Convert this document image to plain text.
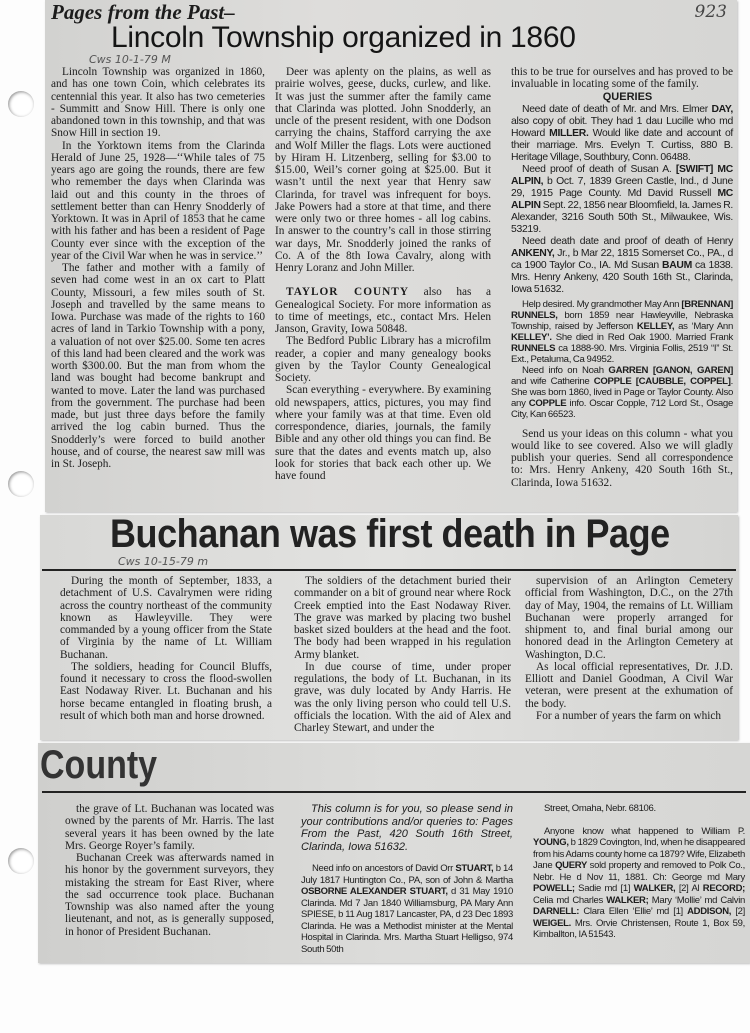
Pages from the Past–	923
Lincoln Township organized in 1860
Cws 10-1-79 M

Lincoln Township was organized in 1860, and has one town Coin, which celebrates its centennial this year. It also has two cemeteries - Summitt and Snow Hill. There is only one abandoned town in this township, and that was Snow Hill in section 19.

In the Yorktown items from the Clarinda Herald of June 25, 1928—‘‘While tales of 75 years ago are going the rounds, there are few who remember the days when Clarinda was laid out and this county in the throes of settlement better than can Henry Snodderly of Yorktown. It was in April of 1853 that he came with his father and has been a resident of Page County ever since with the exception of the year of the Civil War when he was in service.’’

The father and mother with a family of seven had come west in an ox cart to Platt County, Missouri, a few miles south of St. Joseph and travelled by the same means to Iowa. Purchase was made of the rights to 160 acres of land in Tarkio Township with a pony, a valuation of not over $25.00. Some ten acres of this land had been cleared and the work was worth $300.00. But the man from whom the land was bought had become bankrupt and wanted to move. Later the land was purchased from the government. The purchase had been made, but just three days before the family arrived the log cabin burned. Thus the Snodderly’s were forced to build another house, and of course, the nearest saw mill was in St. Joseph.

Deer was aplenty on the plains, as well as prairie wolves, geese, ducks, curlew, and like. It was just the summer after the family came that Clarinda was plotted. John Snodderly, an uncle of the present resident, with one Dodson carrying the chains, Stafford carrying the axe and Wolf Miller the flags. Lots were auctioned by Hiram H. Litzenberg, selling for $3.00 to $15.00, Weil’s corner going at $25.00. But it wasn’t until the next year that Henry saw Clarinda, for travel was infrequent for boys. Jake Powers had a store at that time, and there were only two or three homes - all log cabins. In answer to the country’s call in those stirring war days, Mr. Snodderly joined the ranks of Co. A of the 8th Iowa Cavalry, along with Henry Loranz and John Miller.

TAYLOR COUNTY also has a Genealogical Society. For more information as to time of meetings, etc., contact Mrs. Helen Janson, Gravity, Iowa 50848.

The Bedford Public Library has a microfilm reader, a copier and many genealogy books given by the Taylor County Genealogical Society.

Scan everything - everywhere. By examining old newspapers, attics, pictures, you may find where your family was at that time. Even old correspondence, diaries, journals, the family Bible and any other old things you can find. Be sure that the dates and events match up, also look for stories that back each other up. We have found

this to be true for ourselves and has proved to be invaluable in locating some of the family.

QUERIES

Need date of death of Mr. and Mrs. Elmer DAY, also copy of obit. They had 1 dau Lucille who md Howard MILLER. Would like date and account of their marriage. Mrs. Evelyn T. Curtiss, 880 B. Heritage Village, Southbury, Conn. 06488.

Need proof of death of Susan A. [SWIFT] MC ALPIN, b Oct. 7, 1839 Green Castle, Ind., d June 29, 1915 Page County. Md David Russell MC ALPIN Sept. 22, 1856 near Bloomfield, Ia. James R. Alexander, 3216 South 50th St., Milwaukee, Wis. 53219.

Need death date and proof of death of Henry ANKENY, Jr., b Mar 22, 1815 Somerset Co., PA., d ca 1900 Taylor Co., IA. Md Susan BAUM ca 1838. Mrs. Henry Ankeny, 420 South 16th St., Clarinda, Iowa 51632.

Help desired. My grandmother May Ann [BRENNAN] RUNNELS, born 1859 near Hawleyville, Nebraska Township, raised by Jefferson KELLEY, as ‘Mary Ann KELLEY’. She died in Red Oak 1900. Married Frank RUNNELS ca 1888-90. Mrs. Virginia Follis, 2519 “I” St. Ext., Petaluma, Ca 94952.

Need info on Noah GARREN [GANON, GAREN] and wife Catherine COPPLE [CAUBBLE, COPPEL]. She was born 1860, lived in Page or Taylor County. Also any COPPLE info. Oscar Copple, 712 Lord St., Osage City, Kan 66523.

Send us your ideas on this column - what you would like to see covered. Also we will gladly publish your queries. Send all correspondence to: Mrs. Henry Ankeny, 420 South 16th St., Clarinda, Iowa 51632.

Buchanan was first death in Page
Cws 10-15-79 m

During the month of September, 1833, a detachment of U.S. Cavalrymen were riding across the country northeast of the community known as Hawleyville. They were commanded by a young officer from the State of Virginia by the name of Lt. William Buchanan.

The soldiers, heading for Council Bluffs, found it necessary to cross the flood-swollen East Nodaway River. Lt. Buchanan and his horse became entangled in floating brush, a result of which both man and horse drowned.

The soldiers of the detachment buried their commander on a bit of ground near where Rock Creek emptied into the East Nodaway River. The grave was marked by placing two bushel basket sized boulders at the head and the foot. The body had been wrapped in his regulation Army blanket.

In due course of time, under proper regulations, the body of Lt. Buchanan, in its grave, was duly located by Andy Harris. He was the only living person who could tell U.S. officials the location. With the aid of Alex and Charley Stewart, and under the

supervision of an Arlington Cemetery official from Washington, D.C., on the 27th day of May, 1904, the remains of Lt. William Buchanan were properly arranged for shipment to, and final burial among our honored dead in the Arlington Cemetery at Washington, D.C.

As local official representatives, Dr. J.D. Elliott and Daniel Goodman, A Civil War veteran, were present at the exhumation of the body.

For a number of years the farm on which

County

the grave of Lt. Buchanan was located was owned by the parents of Mr. Harris. The last several years it has been owned by the late Mrs. George Royer’s family.

Buchanan Creek was afterwards named in his honor by the government surveyors, they mistaking the stream for East River, where the sad occurrence took place. Buchanan Township was also named after the young lieutenant, and not, as is generally supposed, in honor of President Buchanan.

This column is for you, so please send in your contributions and/or queries to: Pages From the Past, 420 South 16th Street, Clarinda, Iowa 51632.

Need info on ancestors of David Orr STUART, b 14 July 1817 Huntington Co., PA, son of John & Martha OSBORNE ALEXANDER STUART, d 31 May 1910 Clarinda. Md 7 Jan 1840 Williamsburg, PA Mary Ann SPIESE, b 11 Aug 1817 Lancaster, PA, d 23 Dec 1893 Clarinda. He was a Methodist minister at the Mental Hospital in Clarinda. Mrs. Martha Stuart Helligso, 974 South 50th

Street, Omaha, Nebr. 68106.

Anyone know what happened to William P. YOUNG, b 1829 Covington, Ind, when he disappeared from his Adams county home ca 1879? Wife, Elizabeth Jane QUERY sold property and removed to Polk Co., Nebr. He d Nov 11, 1881. Ch: George md Mary POWELL; Sadie md [1] WALKER, [2] Al RECORD; Celia md Charles WALKER; Mary ‘Mollie’ md Calvin DARNELL: Clara Ellen ‘Ellie’ md [1] ADDISON, [2] WEIGEL. Mrs. Orvie Christensen, Route 1, Box 59, Kimballton, IA 51543.
